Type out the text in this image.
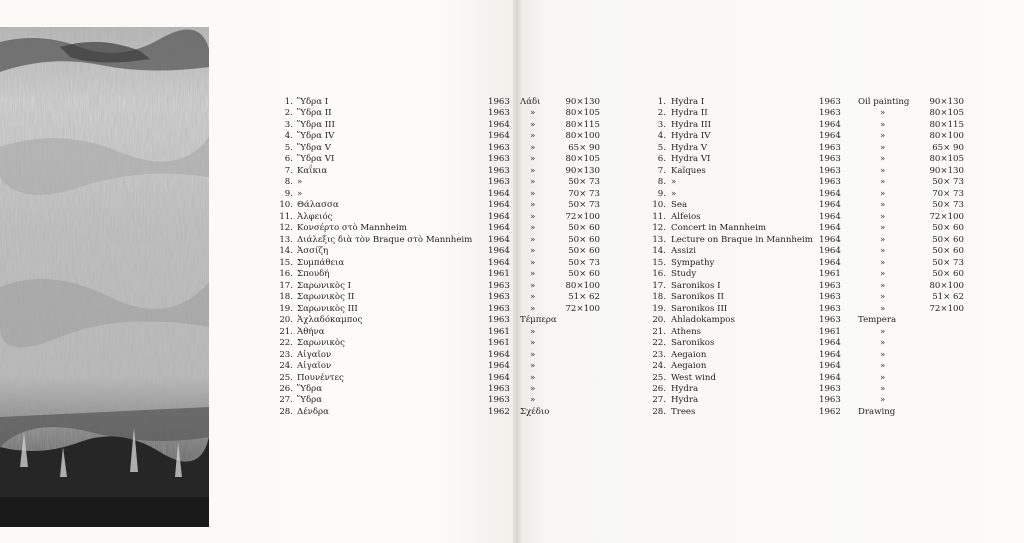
1. Ὕδρα I	1963 Λάδι	90×130
2. Ὕδρα II	1963 »	80×105
3. Ὕδρα III	1964 »	80×115
4. Ὕδρα IV	1964 »	80×100
5. Ὕδρα V	1963 »	65× 90
6. Ὕδρα VI	1963 »	80×105
7. Καΐκια	1963 »	90×130
8. »	1963 »	50× 73
9. »	1964 »	70× 73
10. Θάλασσα	1964 »	50× 73
11. Ἀλφειός	1964 »	72×100
12. Κονσέρτο στὸ Mannheim	1964 »	50× 60
13. Διάλεξις διὰ τὸν Braque στὸ Mannheim 1964 »	50× 60
14. Ἀσσίζη	1964 »	50× 60
15. Συμπάθεια	1964 »	50× 73
16. Σπουδή	1961 »	50× 60
17. Σαρωνικὸς I	1963 »	80×100
18. Σαρωνικὸς II	1963 »	51× 62
19. Σαρωνικὸς III	1963 »	72×100
20. Ἀχλαδόκαμπος	1963 Τέμπερα
21. Ἀθήνα	1961 »
22. Σαρωνικὸς	1961 »
23. Αἰγαῖον	1964 »
24. Αἰγαῖον	1964 »
25. Πουνέντες	1964 »
26. Ὕδρα	1963 »
27. Ὕδρα	1963 »
28. Δένδρα	1962 Σχέδιο
1. Hydra I	1963 Oil painting	90×130
2. Hydra II	1963	»	80×105
3. Hydra III	1964	»	80×115
4. Hydra IV	1964	»	80×100
5. Hydra V	1963	»	65× 90
6. Hydra VI	1963	»	80×105
7. Kaïques	1963	»	90×130
8. »	1963	»	50× 73
9. »	1964	»	70× 73
10. Sea	1964	»	50× 73
11. Alfeios	1964	»	72×100
12. Concert in Mannheim	1964	»	50× 60
13. Lecture on Braque in Mannheim 1964	»	50× 60
14. Assizi	1964	»	50× 60
15. Sympathy	1964	»	50× 73
16. Study	1961	»	50× 60
17. Saronikos I	1963	»	80×100
18. Saronikos II	1963	»	51× 62
19. Saronikos III	1963	»	72×100
20. Ahladokampos	1963 Tempera
21. Athens	1961	»
22. Saronikos	1964	»
23. Aegaion	1964	»
24. Aegaion	1964	»
25. West wind	1964	»
26. Hydra	1963	»
27. Hydra	1963	»
28. Trees	1962 Drawing
